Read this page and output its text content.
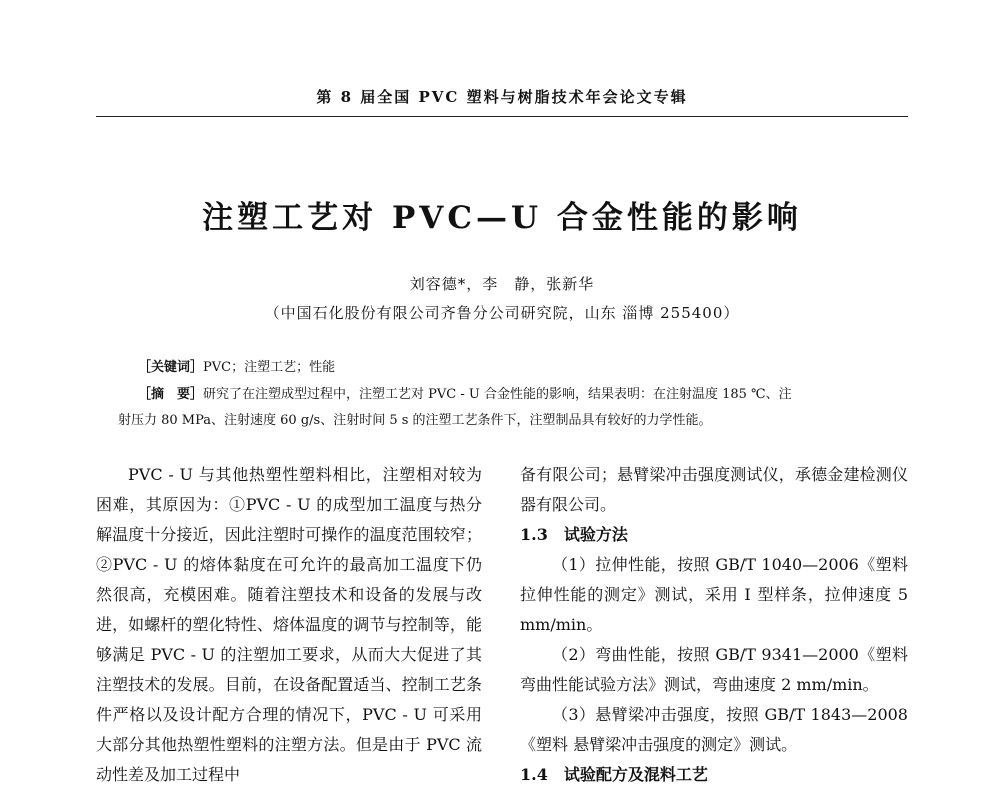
第 8 届全国 PVC 塑料与树脂技术年会论文专辑
注塑工艺对 PVC—U 合金性能的影响
刘容德*，李　静，张新华
（中国石化股份有限公司齐鲁分公司研究院，山东 淄博 255400）
［关键词］PVC；注塑工艺；性能
［摘　要］研究了在注塑成型过程中，注塑工艺对 PVC - U 合金性能的影响，结果表明：在注射温度 185 ℃、注
射压力 80 MPa、注射速度 60 g/s、注射时间 5 s 的注塑工艺条件下，注塑制品具有较好的力学性能。

PVC - U 与其他热塑性塑料相比，注塑相对较为困难，其原因为：①PVC - U 的成型加工温度与热分解温度十分接近，因此注塑时可操作的温度范围较窄；②PVC - U 的熔体黏度在可允许的最高加工温度下仍然很高，充模困难。随着注塑技术和设备的发展与改进，如螺杆的塑化特性、熔体温度的调节与控制等，能够满足 PVC - U 的注塑加工要求，从而大大促进了其注塑技术的发展。目前，在设备配置适当、控制工艺条件严格以及设计配方合理的情况下，PVC - U 可采用大部分其他热塑性塑料的注塑方法。但是由于 PVC 流动性差及加工过程中

备有限公司；悬臂梁冲击强度测试仪，承德金建检测仪器有限公司。

1.3　试验方法

（1）拉伸性能，按照 GB/T 1040—2006《塑料 拉伸性能的测定》测试，采用 Ⅰ 型样条，拉伸速度 5 mm/min。

（2）弯曲性能，按照 GB/T 9341—2000《塑料弯曲性能试验方法》测试，弯曲速度 2 mm/min。

（3）悬臂梁冲击强度，按照 GB/T 1843—2008《塑料 悬臂梁冲击强度的测定》测试。

1.4　试验配方及混料工艺
